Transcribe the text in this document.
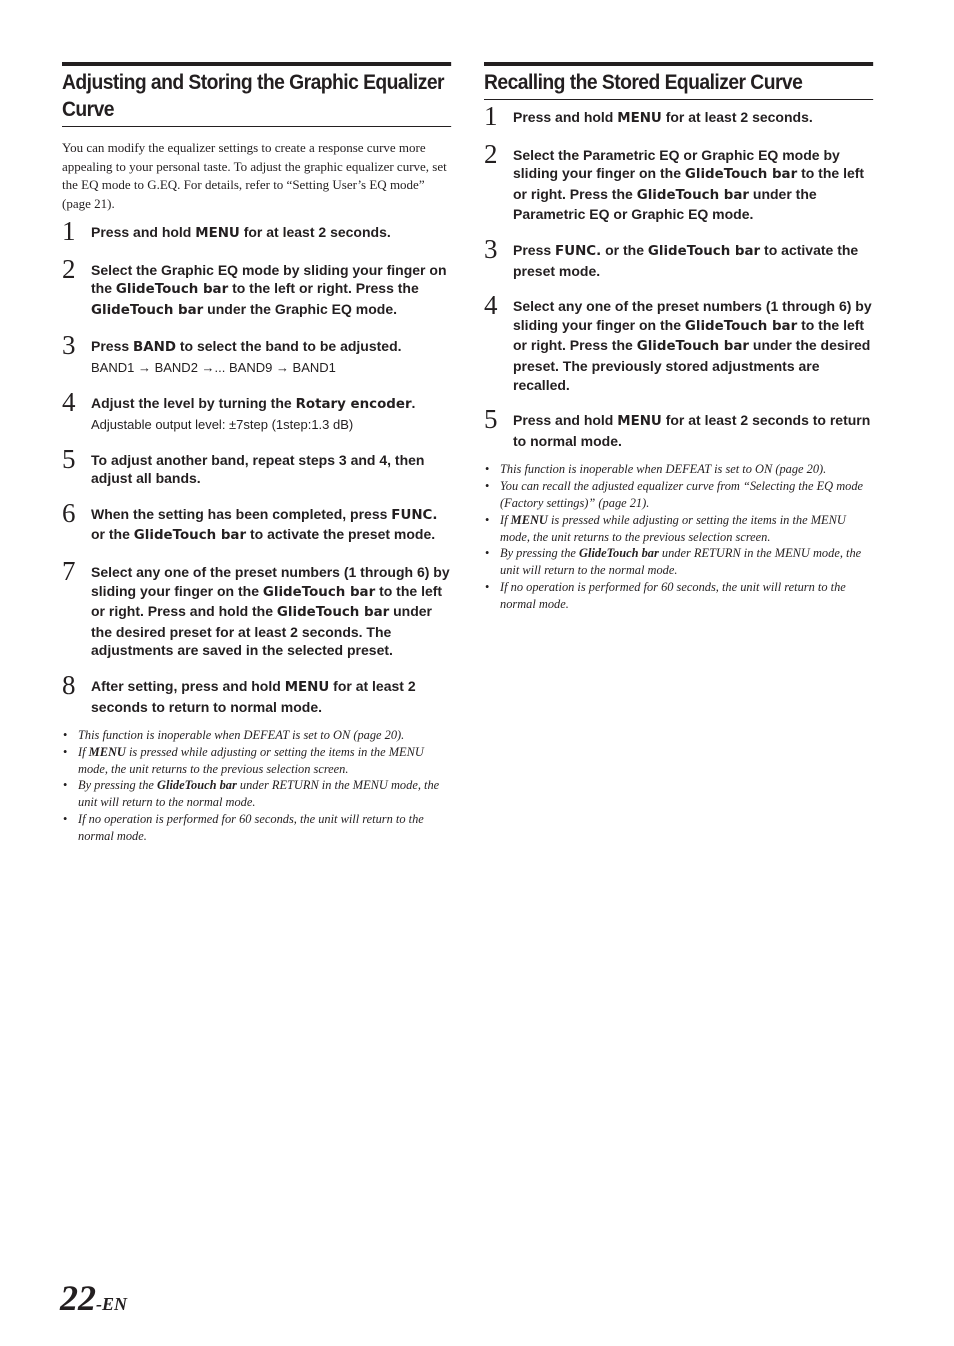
Adjusting and Storing the Graphic Equalizer Curve

You can modify the equalizer settings to create a response curve more appealing to your personal taste. To adjust the graphic equalizer curve, set the EQ mode to G.EQ. For details, refer to “Setting User’s EQ mode” (page 21).

1	Press and hold MENU for at least 2 seconds.
2	Select the Graphic EQ mode by sliding your finger on the GlideTouch bar to the left or right. Press the GlideTouch bar under the Graphic EQ mode.
3	Press BAND to select the band to be adjusted.
BAND1 → BAND2 →... BAND9 → BAND1
4	Adjust the level by turning the Rotary encoder.
Adjustable output level: ±7step (1step:1.3 dB)
5	To adjust another band, repeat steps 3 and 4, then adjust all bands.
6	When the setting has been completed, press FUNC. or the GlideTouch bar to activate the preset mode.
7	Select any one of the preset numbers (1 through 6) by sliding your finger on the GlideTouch bar to the left or right. Press and hold the GlideTouch bar under the desired preset for at least 2 seconds. The adjustments are saved in the selected preset.
8	After setting, press and hold MENU for at least 2 seconds to return to normal mode.
• This function is inoperable when DEFEAT is set to ON (page 20).
• If MENU is pressed while adjusting or setting the items in the MENU mode, the unit returns to the previous selection screen.
• By pressing the GlideTouch bar under RETURN in the MENU mode, the unit will return to the normal mode.
• If no operation is performed for 60 seconds, the unit will return to the normal mode.
Recalling the Stored Equalizer Curve
1	Press and hold MENU for at least 2 seconds.
2	Select the Parametric EQ or Graphic EQ mode by sliding your finger on the GlideTouch bar to the left or right. Press the GlideTouch bar under the Parametric EQ or Graphic EQ mode.
3	Press FUNC. or the GlideTouch bar to activate the preset mode.
4	Select any one of the preset numbers (1 through 6) by sliding your finger on the GlideTouch bar to the left or right. Press the GlideTouch bar under the desired preset. The previously stored adjustments are recalled.
5	Press and hold MENU for at least 2 seconds to return to normal mode.
• This function is inoperable when DEFEAT is set to ON (page 20).
• You can recall the adjusted equalizer curve from “Selecting the EQ mode (Factory settings)” (page 21).
• If MENU is pressed while adjusting or setting the items in the MENU mode, the unit returns to the previous selection screen.
• By pressing the GlideTouch bar under RETURN in the MENU mode, the unit will return to the normal mode.
• If no operation is performed for 60 seconds, the unit will return to the normal mode.
22-EN
